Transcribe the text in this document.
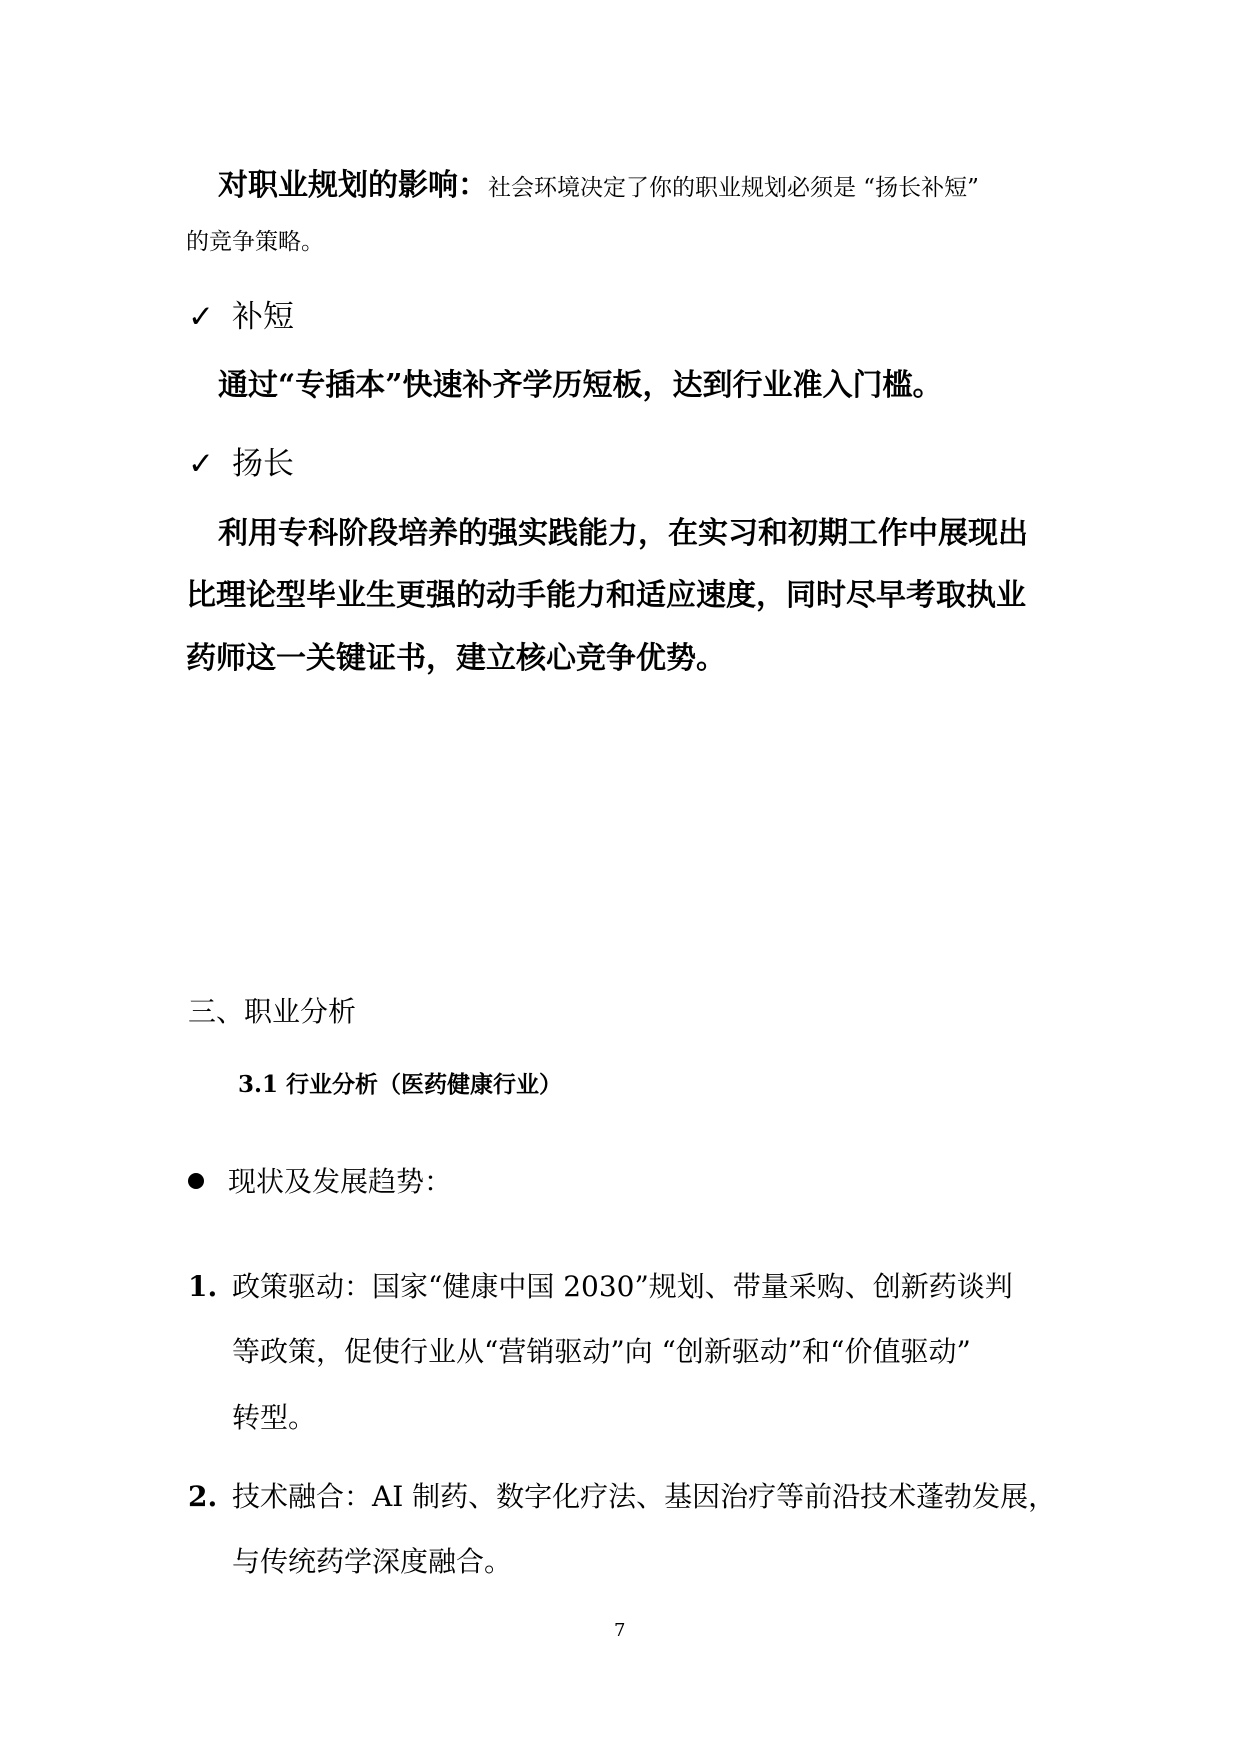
对职业规划的影响：社会环境决定了你的职业规划必须是 “扬长补短”
的竞争策略。
✓ 补短
通过“专插本”快速补齐学历短板，达到行业准入门槛。
✓ 扬长
利用专科阶段培养的强实践能力，在实习和初期工作中展现出
比理论型毕业生更强的动手能力和适应速度，同时尽早考取执业
药师这一关键证书，建立核心竞争优势。
三、职业分析
3.1 行业分析（医药健康行业）
现状及发展趋势：
1. 政策驱动：国家“健康中国 2030”规划、带量采购、创新药谈判
等政策，促使行业从“营销驱动”向 “创新驱动”和“价值驱动”
转型。
2. 技术融合：AI 制药、数字化疗法、基因治疗等前沿技术蓬勃发展，
与传统药学深度融合。
7
